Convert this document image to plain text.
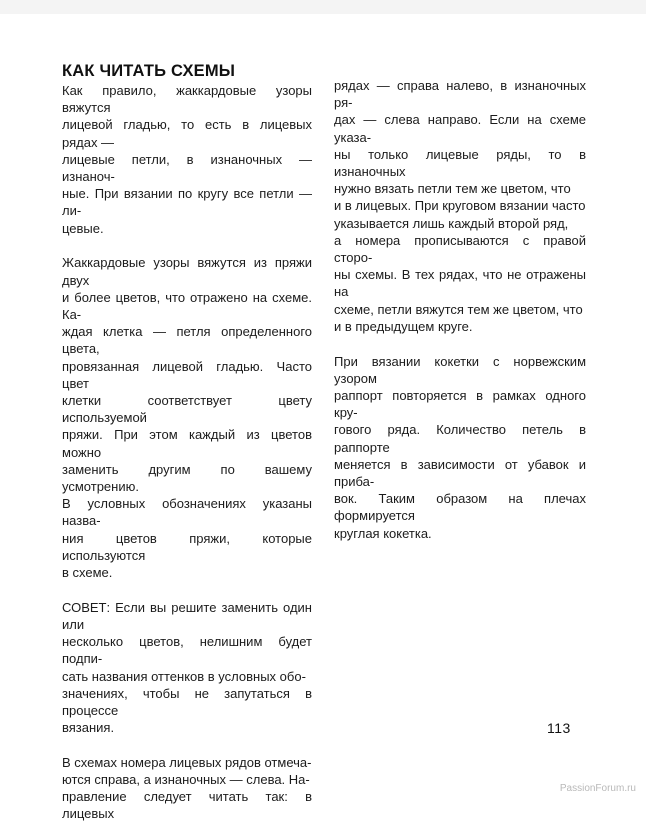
КАК ЧИТАТЬ СХЕМЫ

Как правило, жаккардовые узоры вяжутся
лицевой гладью, то есть в лицевых рядах —
лицевые петли, в изнаночных — изнаноч-
ные. При вязании по кругу все петли — ли-
цевые.

Жаккардовые узоры вяжутся из пряжи двух
и более цветов, что отражено на схеме. Ка-
ждая клетка — петля определенного цвета,
провязанная лицевой гладью. Часто цвет
клетки соответствует цвету используемой
пряжи. При этом каждый из цветов можно
заменить другим по вашему усмотрению.
В условных обозначениях указаны назва-
ния цветов пряжи, которые используются
в схеме.

СОВЕТ: Если вы решите заменить один или
несколько цветов, нелишним будет подпи-
сать названия оттенков в условных обо-
значениях, чтобы не запутаться в процессе
вязания.

В схемах номера лицевых рядов отмеча-
ются справа, а изнаночных — слева. На-
правление следует читать так: в лицевых

рядах — справа налево, в изнаночных ря-
дах — слева направо. Если на схеме указа-
ны только лицевые ряды, то в изнаночных
нужно вязать петли тем же цветом, что
и в лицевых. При круговом вязании часто
указывается лишь каждый второй ряд,
а номера прописываются с правой сторо-
ны схемы. В тех рядах, что не отражены на
схеме, петли вяжутся тем же цветом, что
и в предыдущем круге.

При вязании кокетки с норвежским узором
раппорт повторяется в рамках одного кру-
гового ряда. Количество петель в раппорте
меняется в зависимости от убавок и приба-
вок. Таким образом на плечах формируется
круглая кокетка.

113
PassionForum.ru
